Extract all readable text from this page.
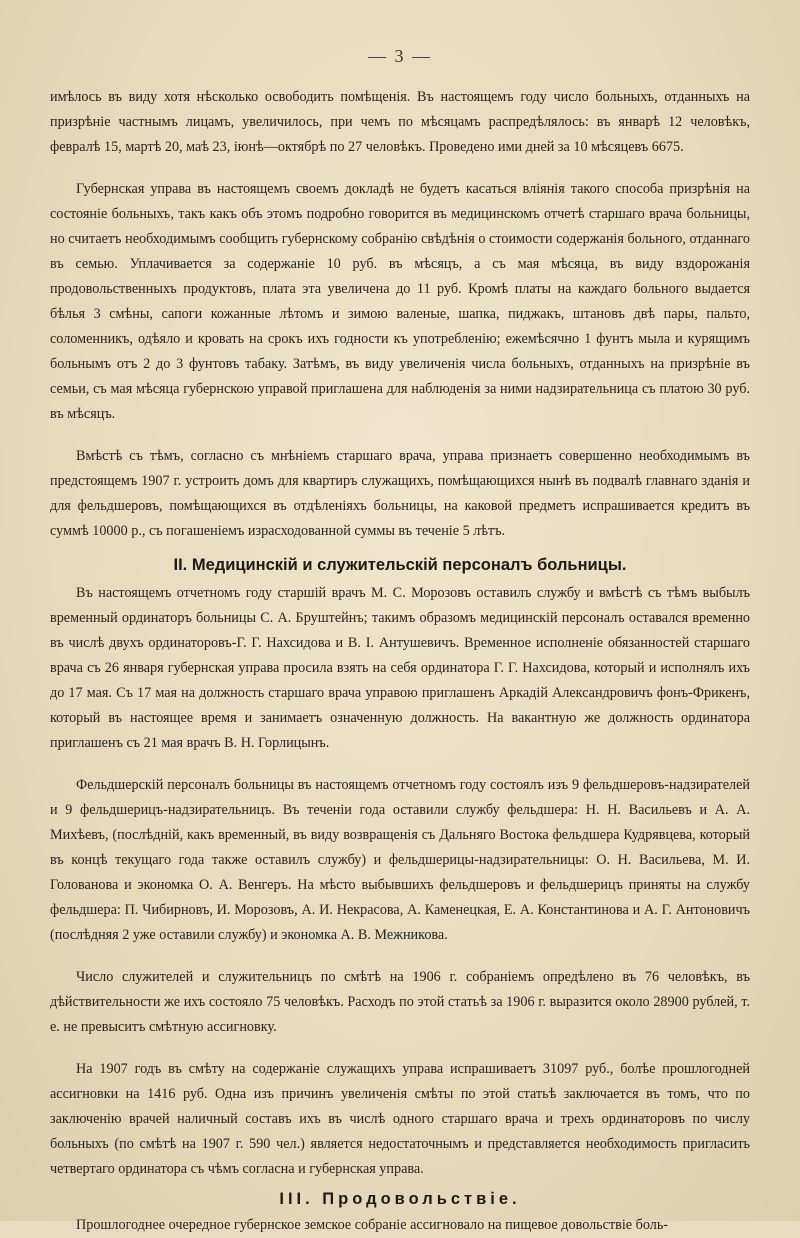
— 3 —

имѣлось въ виду хотя нѣсколько освободить помѣщенія. Въ настоящемъ году число больныхъ, отданныхъ на призрѣніе частнымъ лицамъ, увеличилось, при чемъ по мѣсяцамъ распредѣлялось: въ январѣ 12 человѣкъ, февралѣ 15, мартѣ 20, маѣ 23, іюнѣ—октябрѣ по 27 человѣкъ. Проведено ими дней за 10 мѣсяцевъ 6675.

Губернская управа въ настоящемъ своемъ докладѣ не будетъ касаться вліянія такого способа призрѣнія на состояніе больныхъ, такъ какъ объ этомъ подробно говорится въ медицинскомъ отчетѣ старшаго врача больницы, но считаетъ необходимымъ сообщить губернскому собранію свѣдѣнія о стоимости содержанія больного, отданнаго въ семью. Уплачивается за содержаніе 10 руб. въ мѣсяцъ, а съ мая мѣсяца, въ виду вздорожанія продовольственныхъ продуктовъ, плата эта увеличена до 11 руб. Кромѣ платы на каждаго больного выдается бѣлья 3 смѣны, сапоги кожанные лѣтомъ и зимою валеные, шапка, пиджакъ, штановъ двѣ пары, пальто, соломенникъ, одѣяло и кровать на срокъ ихъ годности къ употребленію; ежемѣсячно 1 фунтъ мыла и курящимъ больнымъ отъ 2 до 3 фунтовъ табаку. Затѣмъ, въ виду увеличенія числа больныхъ, отданныхъ на призрѣніе въ семьи, съ мая мѣсяца губернскою управой приглашена для наблюденія за ними надзирательница съ платою 30 руб. въ мѣсяцъ.

Вмѣстѣ съ тѣмъ, согласно съ мнѣніемъ старшаго врача, управа признаетъ совершенно необходимымъ въ предстоящемъ 1907 г. устроить домъ для квартиръ служащихъ, помѣщающихся нынѣ въ подвалѣ главнаго зданія и для фельдшеровъ, помѣщающихся въ отдѣленіяхъ больницы, на каковой предметъ испрашивается кредитъ въ суммѣ 10000 р., съ погашеніемъ израсходованной суммы въ теченіе 5 лѣтъ.

II. Медицинскій и служительскій персоналъ больницы.

Въ настоящемъ отчетномъ году старшій врачъ М. С. Морозовъ оставилъ службу и вмѣстѣ съ тѣмъ выбылъ временный ординаторъ больницы С. А. Бруштейнъ; такимъ образомъ медицинскій персоналъ оставался временно въ числѣ двухъ ординаторовъ-Г. Г. Нахсидова и В. І. Антушевичъ. Временное исполненіе обязанностей старшаго врача съ 26 января губернская управа просила взять на себя ординатора Г. Г. Нахсидова, который и исполнялъ ихъ до 17 мая. Съ 17 мая на должность старшаго врача управою приглашенъ Аркадій Александровичъ фонъ-Фрикенъ, который въ настоящее время и занимаетъ означенную должность. На вакантную же должность ординатора приглашенъ съ 21 мая врачъ В. Н. Горлицынъ.

Фельдшерскій персоналъ больницы въ настоящемъ отчетномъ году состоялъ изъ 9 фельдшеровъ-надзирателей и 9 фельдшерицъ-надзирательницъ. Въ теченіи года оставили службу фельдшера: Н. Н. Васильевъ и А. А. Михѣевъ, (послѣдній, какъ временный, въ виду возвращенія съ Дальняго Востока фельдшера Кудрявцева, который въ концѣ текущаго года также оставилъ службу) и фельдшерицы-надзирательницы: О. Н. Васильева, М. И. Голованова и экономка О. А. Венгеръ. На мѣсто выбывшихъ фельдшеровъ и фельдшерицъ приняты на службу фельдшера: П. Чибирновъ, И. Морозовъ, А. И. Некрасова, А. Каменецкая, Е. А. Константинова и А. Г. Антоновичъ (послѣдняя 2 уже оставили службу) и экономка А. В. Межникова.

Число служителей и служительницъ по смѣтѣ на 1906 г. собраніемъ опредѣлено въ 76 человѣкъ, въ дѣйствительности же ихъ состояло 75 человѣкъ. Расходъ по этой статьѣ за 1906 г. выразится около 28900 рублей, т. е. не превыситъ смѣтную ассигновку.

На 1907 годъ въ смѣту на содержаніе служащихъ управа испрашиваетъ 31097 руб., болѣе прошлогодней ассигновки на 1416 руб. Одна изъ причинъ увеличенія смѣты по этой статьѣ заключается въ томъ, что по заключенію врачей наличный составъ ихъ въ числѣ одного старшаго врача и трехъ ординаторовъ по числу больныхъ (по смѣтѣ на 1907 г. 590 чел.) является недостаточнымъ и представляется необходимость пригласить четвертаго ординатора съ чѣмъ согласна и губернская управа.

III. Продовольствіе.

Прошлогоднее очередное губернское земское собраніе ассигновало на пищевое довольствіе боль-
